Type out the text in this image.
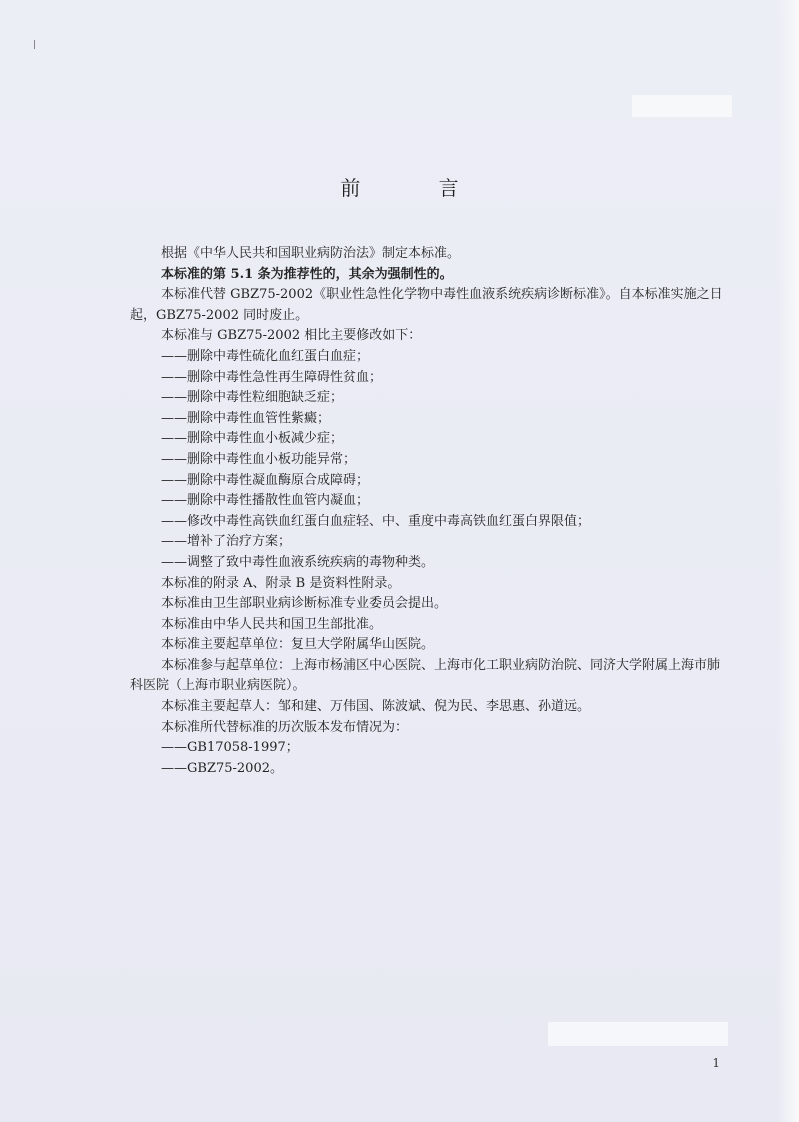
前 言

根据《中华人民共和国职业病防治法》制定本标准。

本标准的第 5.1 条为推荐性的，其余为强制性的。

本标准代替 GBZ75-2002《职业性急性化学物中毒性血液系统疾病诊断标准》。自本标准实施之日起，GBZ75-2002 同时废止。

本标准与 GBZ75-2002 相比主要修改如下：

——删除中毒性硫化血红蛋白血症；

——删除中毒性急性再生障碍性贫血；

——删除中毒性粒细胞缺乏症；

——删除中毒性血管性紫癜；

——删除中毒性血小板减少症；

——删除中毒性血小板功能异常；

——删除中毒性凝血酶原合成障碍；

——删除中毒性播散性血管内凝血；

——修改中毒性高铁血红蛋白血症轻、中、重度中毒高铁血红蛋白界限值；

——增补了治疗方案；

——调整了致中毒性血液系统疾病的毒物种类。

本标准的附录 A、附录 B 是资料性附录。

本标准由卫生部职业病诊断标准专业委员会提出。

本标准由中华人民共和国卫生部批准。

本标准主要起草单位：复旦大学附属华山医院。

本标准参与起草单位：上海市杨浦区中心医院、上海市化工职业病防治院、同济大学附属上海市肺科医院（上海市职业病医院）。

本标准主要起草人：邹和建、万伟国、陈波斌、倪为民、李思惠、孙道远。

本标准所代替标准的历次版本发布情况为：

——GB17058-1997；

——GBZ75-2002。

1
